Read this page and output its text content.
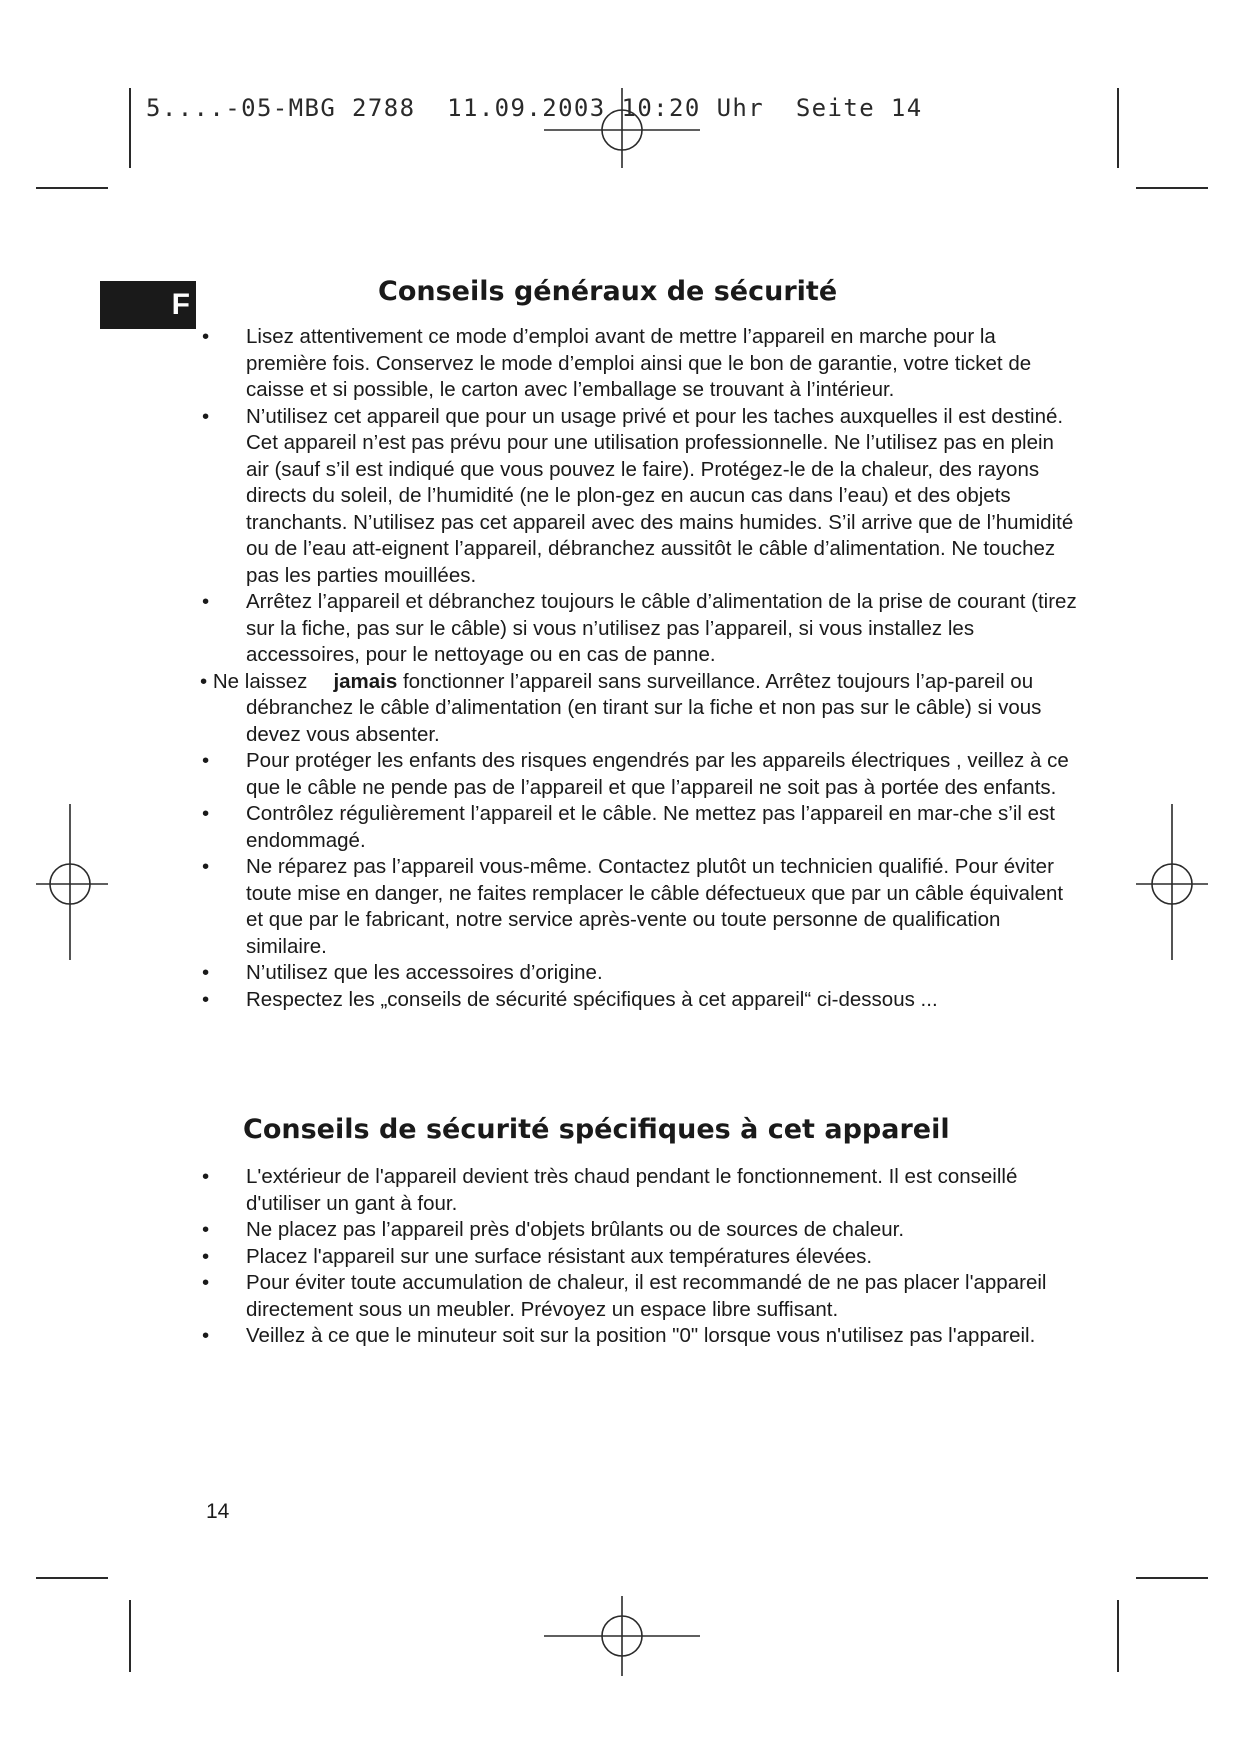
5....-05-MBG 2788  11.09.2003 10:20 Uhr  Seite 14
F	Conseils généraux de sécurité
• Lisez attentivement ce mode d’emploi avant de mettre l’appareil en marche pour la première fois. Conservez le mode d’emploi ainsi que le bon de garantie, votre ticket de caisse et si possible, le carton avec l’emballage se trouvant à l’intérieur.
• N’utilisez cet appareil que pour un usage privé et pour les taches auxquelles il est destiné. Cet appareil n’est pas prévu pour une utilisation professionnelle. Ne l’utilisez pas en plein air (sauf s’il est indiqué que vous pouvez le faire). Protégez-le de la chaleur, des rayons directs du soleil, de l’humidité (ne le plon-gez en aucun cas dans l’eau) et des objets tranchants. N’utilisez pas cet appareil avec des mains humides. S’il arrive que de l’humidité ou de l’eau att-eignent l’appareil, débranchez aussitôt le câble d’alimentation. Ne touchez pas les parties mouillées.
• Arrêtez l’appareil et débranchez toujours le câble d’alimentation de la prise de courant (tirez sur la fiche, pas sur le câble) si vous n’utilisez pas l’appareil, si vous installez les accessoires, pour le nettoyage ou en cas de panne.
• Ne laissez jamais fonctionner l’appareil sans surveillance. Arrêtez toujours l’ap-pareil ou débranchez le câble d’alimentation (en tirant sur la fiche et non pas sur le câble) si vous devez vous absenter.
• Pour protéger les enfants des risques engendrés par les appareils électriques , veillez à ce que le câble ne pende pas de l’appareil et que l’appareil ne soit pas à portée des enfants.
• Contrôlez régulièrement l’appareil et le câble. Ne mettez pas l’appareil en mar-che s’il est endommagé.
• Ne réparez pas l’appareil vous-même. Contactez plutôt un technicien qualifié. Pour éviter toute mise en danger, ne faites remplacer le câble défectueux que par un câble équivalent et que par le fabricant, notre service après-vente ou toute personne de qualification similaire.
• N’utilisez que les accessoires d’origine.
• Respectez les „conseils de sécurité spécifiques à cet appareil“ ci-dessous ...
Conseils de sécurité spécifiques à cet appareil
• L'extérieur de l'appareil devient très chaud pendant le fonctionnement. Il est conseillé d'utiliser un gant à four.
• Ne placez pas l’appareil près d'objets brûlants ou de sources de chaleur.
• Placez l'appareil sur une surface résistant aux températures élevées.
• Pour éviter toute accumulation de chaleur, il est recommandé de ne pas placer l'appareil directement sous un meubler. Prévoyez un espace libre suffisant.
• Veillez à ce que le minuteur soit sur la position "0" lorsque vous n'utilisez pas l'appareil.
14
